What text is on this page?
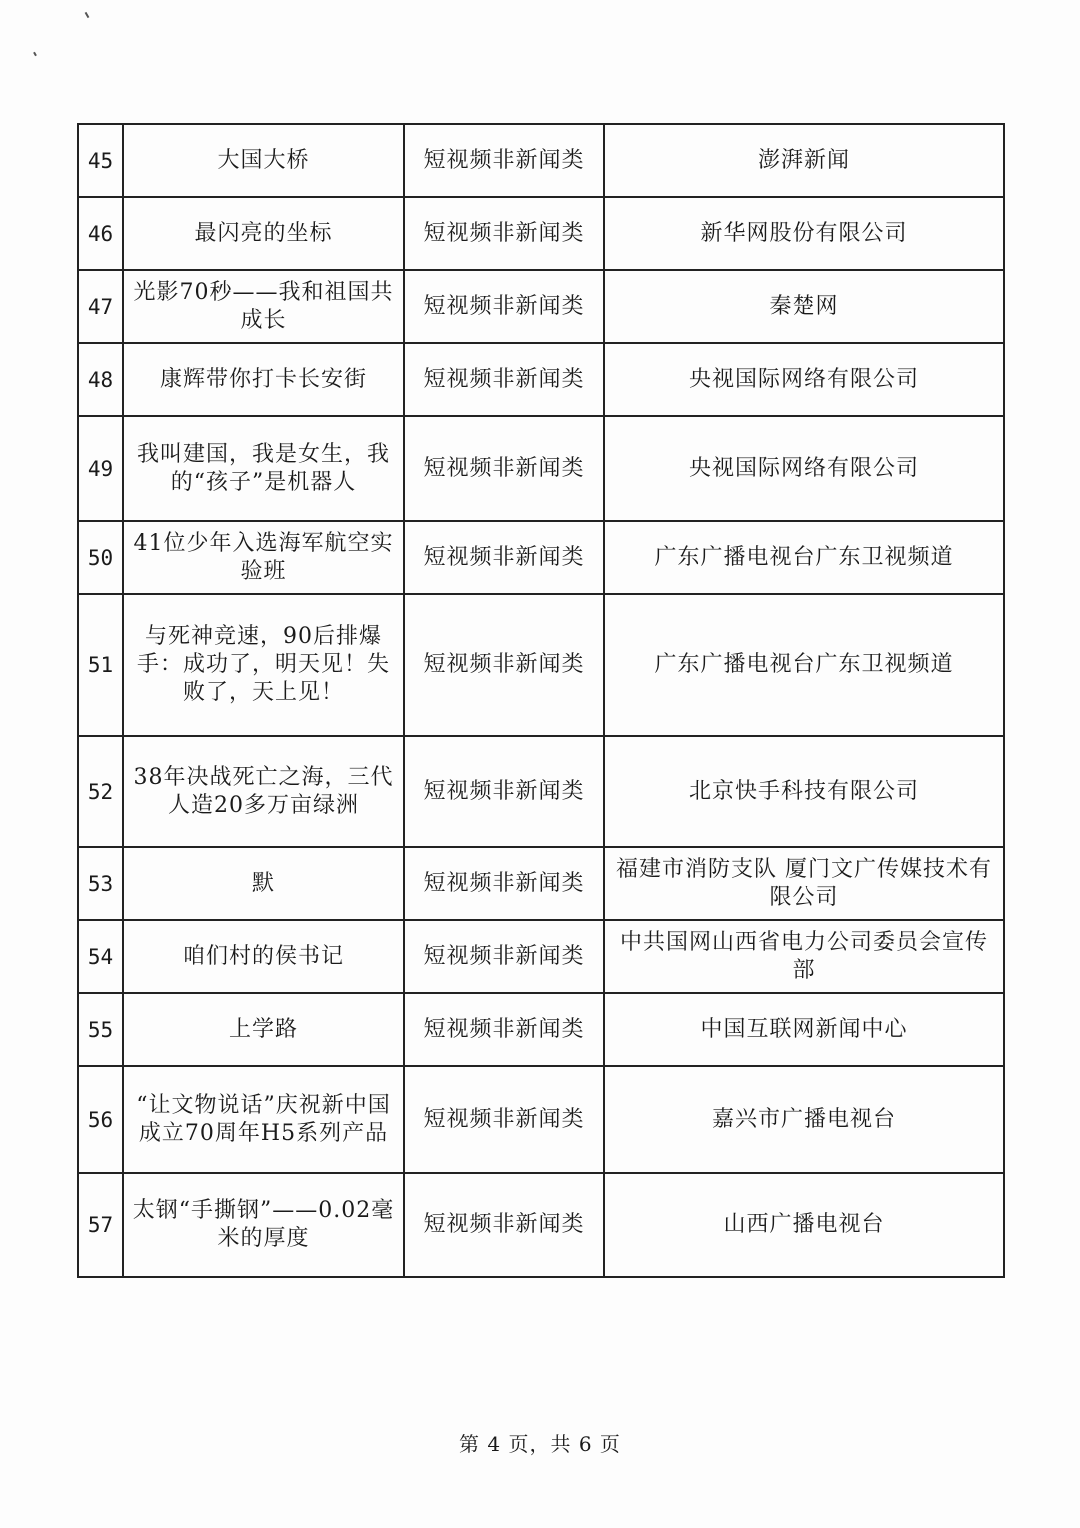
45	大国大桥	短视频非新闻类	澎湃新闻
46	最闪亮的坐标	短视频非新闻类	新华网股份有限公司
47	光影70秒——我和祖国共成长	短视频非新闻类	秦楚网
48	康辉带你打卡长安街	短视频非新闻类	央视国际网络有限公司
49	我叫建国，我是女生，我的“孩子”是机器人	短视频非新闻类	央视国际网络有限公司
50	41位少年入选海军航空实验班	短视频非新闻类	广东广播电视台广东卫视频道
51	与死神竞速，90后排爆手：成功了，明天见！失败了，天上见！	短视频非新闻类	广东广播电视台广东卫视频道
52	38年决战死亡之海，三代人造20多万亩绿洲	短视频非新闻类	北京快手科技有限公司
53	默	短视频非新闻类	福建市消防支队 厦门文广传媒技术有限公司
54	咱们村的侯书记	短视频非新闻类	中共国网山西省电力公司委员会宣传部
55	上学路	短视频非新闻类	中国互联网新闻中心
56	“让文物说话”庆祝新中国成立70周年H5系列产品	短视频非新闻类	嘉兴市广播电视台
57	太钢“手撕钢”——0.02毫米的厚度	短视频非新闻类	山西广播电视台
第 4 页，共 6 页
